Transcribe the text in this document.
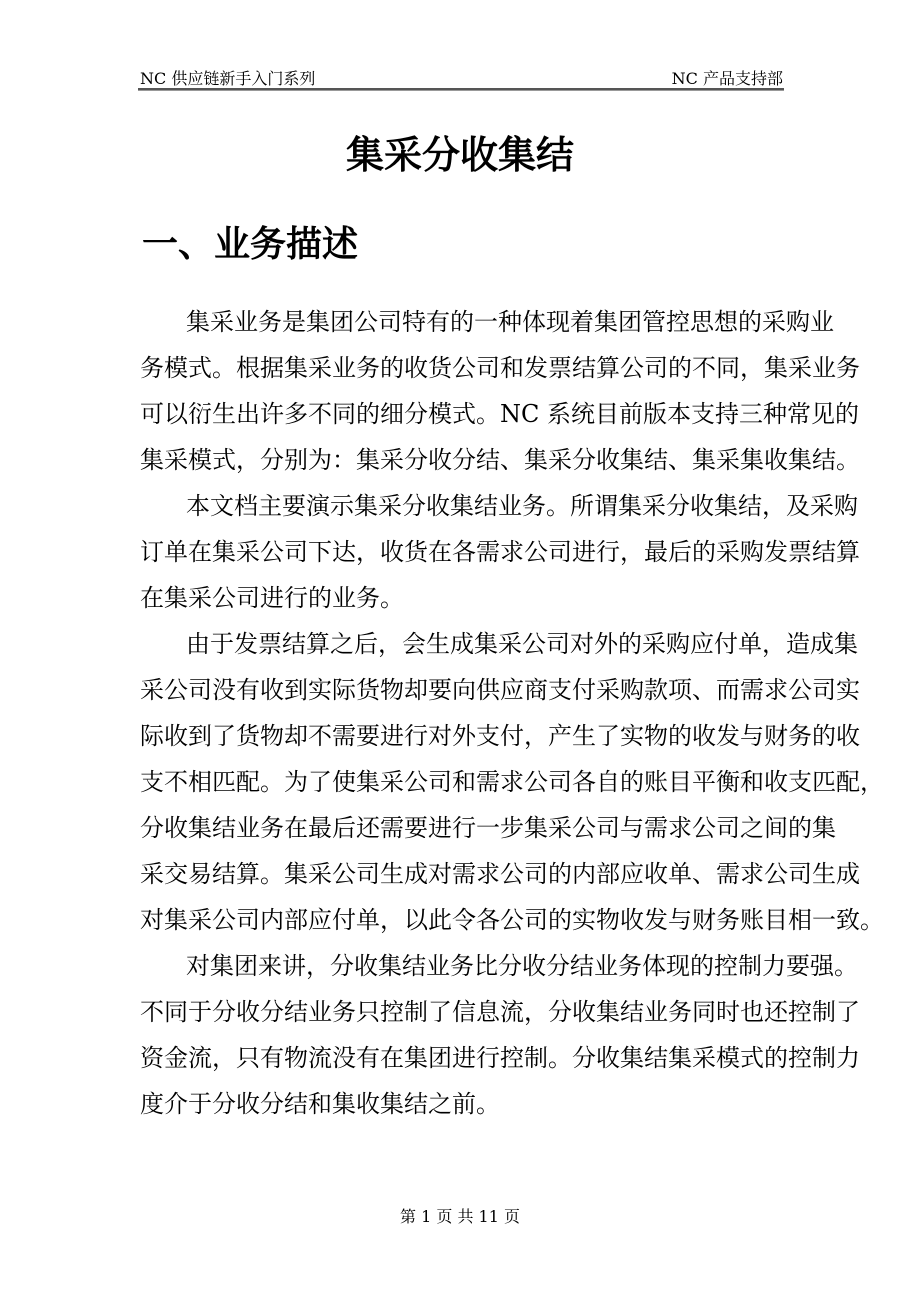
NC 供应链新手入门系列	NC 产品支持部
集采分收集结
一、业务描述
集采业务是集团公司特有的一种体现着集团管控思想的采购业
务模式。根据集采业务的收货公司和发票结算公司的不同，集采业务
可以衍生出许多不同的细分模式。NC 系统目前版本支持三种常见的
集采模式，分别为：集采分收分结、集采分收集结、集采集收集结。
本文档主要演示集采分收集结业务。所谓集采分收集结，及采购
订单在集采公司下达，收货在各需求公司进行，最后的采购发票结算
在集采公司进行的业务。
由于发票结算之后，会生成集采公司对外的采购应付单，造成集
采公司没有收到实际货物却要向供应商支付采购款项、而需求公司实
际收到了货物却不需要进行对外支付，产生了实物的收发与财务的收
支不相匹配。为了使集采公司和需求公司各自的账目平衡和收支匹配，
分收集结业务在最后还需要进行一步集采公司与需求公司之间的集
采交易结算。集采公司生成对需求公司的内部应收单、需求公司生成
对集采公司内部应付单，以此令各公司的实物收发与财务账目相一致。
对集团来讲，分收集结业务比分收分结业务体现的控制力要强。
不同于分收分结业务只控制了信息流，分收集结业务同时也还控制了
资金流，只有物流没有在集团进行控制。分收集结集采模式的控制力
度介于分收分结和集收集结之前。
第 1 页 共 11 页
